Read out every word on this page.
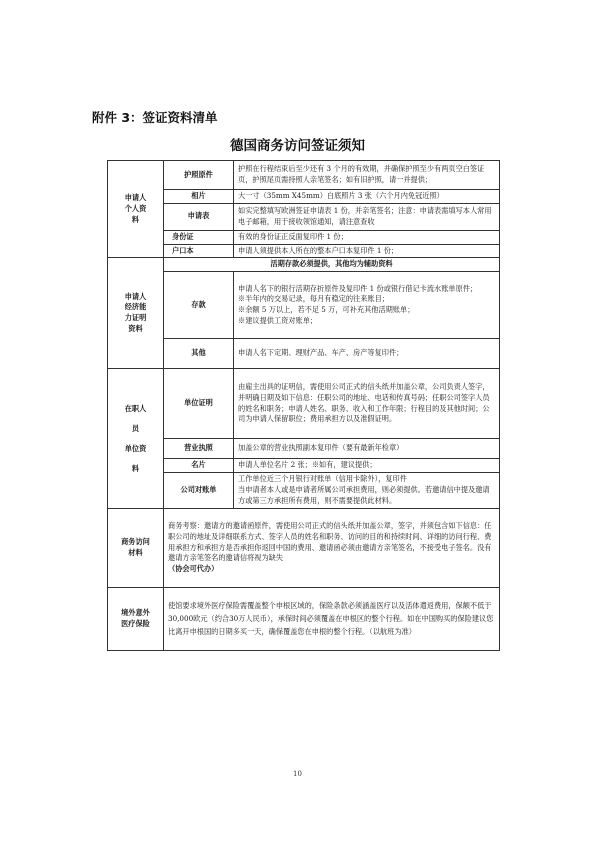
附件 3：签证资料清单
德国商务访问签证须知
申请人
个人资
料	护照原件	护照在行程结束后至少还有 3 个月的有效期，并确保护照至少有两页空白签证页，护照尾页需持照人亲笔签名；如有旧护照，请一并提供；
	相片	大一寸（35mm X45mm）白底照片 3 张（六个月内免冠近照）
	申请表	如实完整填写欧洲签证申请表 1 份，并亲笔签名；注意：申请表需填写本人常用电子邮箱，用于接收领馆通知，请注意查收
	身份证	有效的身份证正反面复印件 1 份；
	户口本	申请人须提供本人所在的整本户口本复印件 1 份；

申请人
经济能
力证明
资料	活期存款必须提供，其他均为辅助资料	
	存款	申请人名下的银行活期存折原件及复印件 1 份或银行借记卡流水账单原件；
※半年内的交易记录，每月有稳定的往来账目；
※余额 5 万以上，若不足 5 万，可补充其他活期账单；
※建议提供工资对账单；

	其他	申请人名下定期、理财产品、车产、房产等复印件；

在职人
员
单位资
料	单位证明	由雇主出具的证明信，需使用公司正式的信头纸并加盖公章，公司负责人签字，并明确日期及如下信息：任职公司的地址、电话和传真号码；任职公司签字人员的姓名和职务；申请人姓名、职务、收入和工作年限；行程目的及其他时间；公司为申请人保留职位；费用承担方以及准假证明。
	营业执照	加盖公章的营业执照副本复印件（要有最新年检章）
	名片	申请人单位名片 2 张；※如有，建议提供；
	公司对账单	工作单位近三个月银行对账单（信用卡除外），复印件
当申请者本人或是申请者所属公司承担费用，则必须提供。若邀请信中提及邀请方或第三方承担所有费用，则不需要提供此材料。

商务访问
材料	商务考察：邀请方的邀请函原件，需使用公司正式的信头纸并加盖公章，签字，并须包含如下信息：任职公司的地址及详细联系方式、签字人员的姓名和职务、访问的目的和持续时间、详细的访问行程、费用承担方和承担方是否承担你返回中国的费用、邀请函必须由邀请方亲笔签名，不接受电子签名。没有邀请方亲笔签名的邀请信将视为缺失
（协会可代办）	

境外意外
医疗保险	使馆要求境外医疗保险需覆盖整个申根区域的，保险条款必须涵盖医疗以及活体遣返费用，保额不低于30,000欧元（约合30万人民币），承保时间必须覆盖在申根区的整个行程。如在中国购买的保险建议您比离开申根国的日期多买一天，确保覆盖您在申根的整个行程。（以航班为准）	
10
